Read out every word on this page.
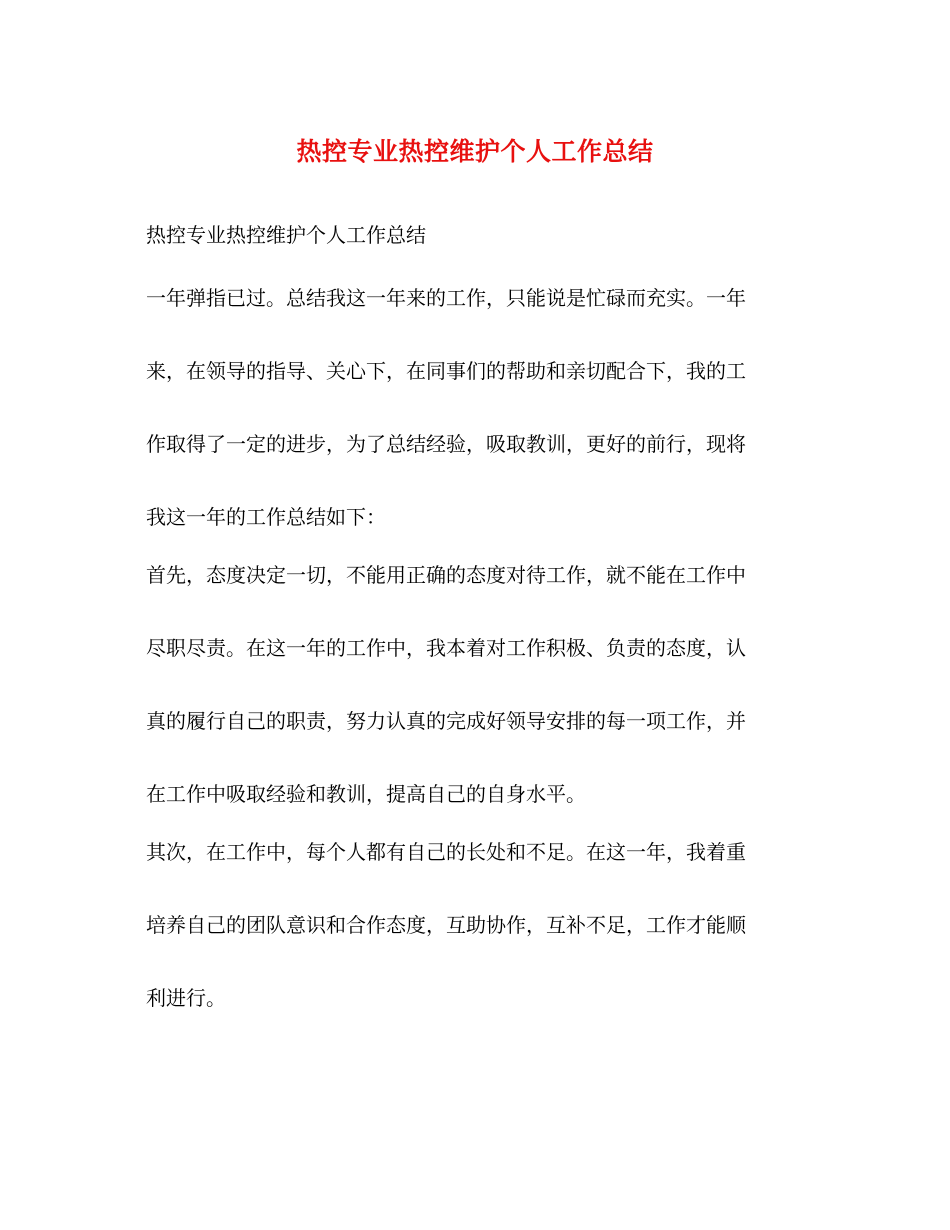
热控专业热控维护个人工作总结
热控专业热控维护个人工作总结
一年弹指已过。总结我这一年来的工作，只能说是忙碌而充实。一年
来，在领导的指导、关心下，在同事们的帮助和亲切配合下，我的工
作取得了一定的进步，为了总结经验，吸取教训，更好的前行，现将
我这一年的工作总结如下：
首先，态度决定一切，不能用正确的态度对待工作，就不能在工作中
尽职尽责。在这一年的工作中，我本着对工作积极、负责的态度，认
真的履行自己的职责，努力认真的完成好领导安排的每一项工作，并
在工作中吸取经验和教训，提高自己的自身水平。
其次，在工作中，每个人都有自己的长处和不足。在这一年，我着重
培养自己的团队意识和合作态度，互助协作，互补不足，工作才能顺
利进行。
